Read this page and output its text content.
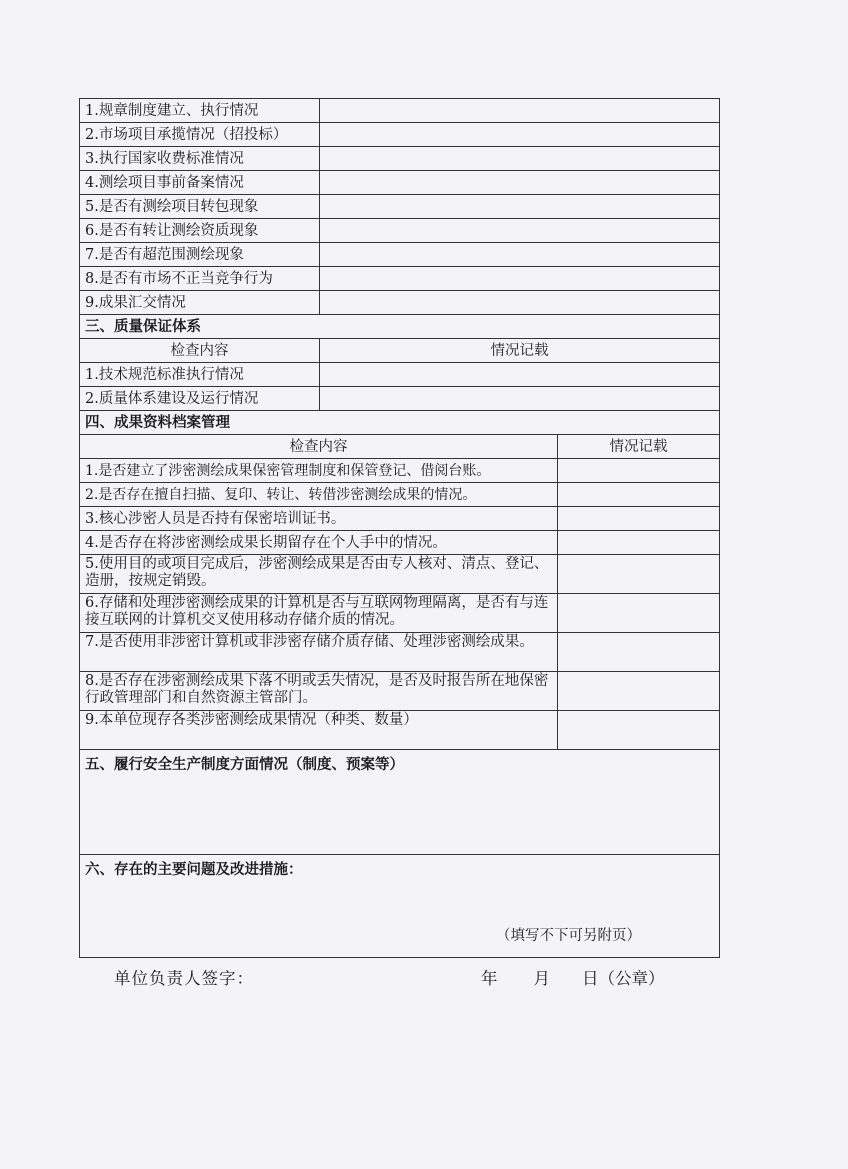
1.规章制度建立、执行情况		
2.市场项目承揽情况（招投标）		
3.执行国家收费标准情况		
4.测绘项目事前备案情况		
5.是否有测绘项目转包现象		
6.是否有转让测绘资质现象		
7.是否有超范围测绘现象		
8.是否有市场不正当竞争行为		
9.成果汇交情况		
三、质量保证体系		
检查内容	情况记载	
1.技术规范标准执行情况		
2.质量体系建设及运行情况		
四、成果资料档案管理		
检查内容		情况记载
1.是否建立了涉密测绘成果保密管理制度和保管登记、借阅台账。		
2.是否存在擅自扫描、复印、转让、转借涉密测绘成果的情况。		
3.核心涉密人员是否持有保密培训证书。		
4.是否存在将涉密测绘成果长期留存在个人手中的情况。		
5.使用目的或项目完成后，涉密测绘成果是否由专人核对、清点、登记、造册，按规定销毁。		
6.存储和处理涉密测绘成果的计算机是否与互联网物理隔离，是否有与连接互联网的计算机交叉使用移动存储介质的情况。		
7.是否使用非涉密计算机或非涉密存储介质存储、处理涉密测绘成果。		
8.是否存在涉密测绘成果下落不明或丢失情况，是否及时报告所在地保密行政管理部门和自然资源主管部门。		
9.本单位现存各类涉密测绘成果情况（种类、数量）		
五、履行安全生产制度方面情况（制度、预案等）		
六、存在的主要问题及改进措施：
（填写不下可另附页）		
单位负责人签字：	年 月 日（公章）
